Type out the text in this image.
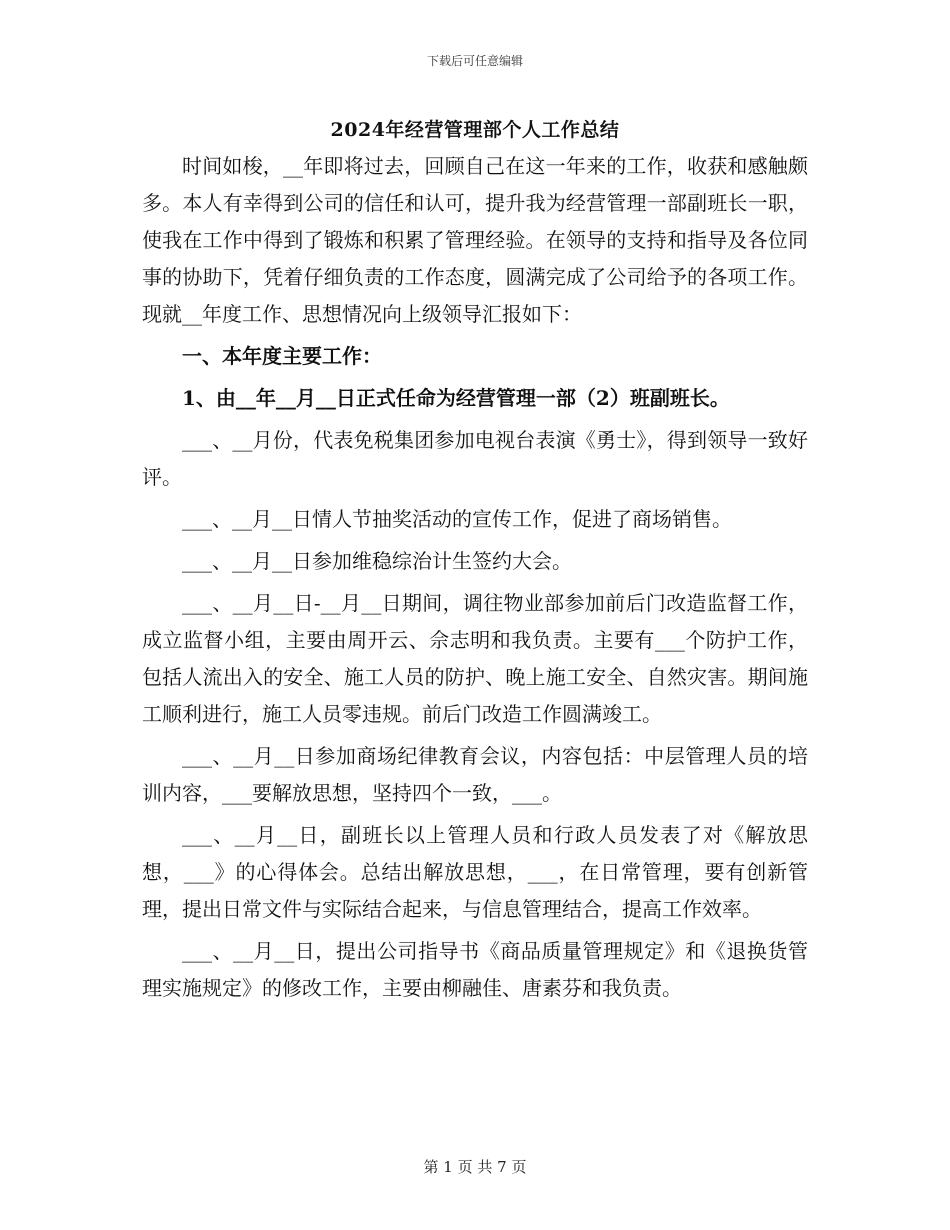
下载后可任意编辑
2024年经营管理部个人工作总结

时间如梭，__年即将过去，回顾自己在这一年来的工作，收获和感触颇多。本人有幸得到公司的信任和认可，提升我为经营管理一部副班长一职，使我在工作中得到了锻炼和积累了管理经验。在领导的支持和指导及各位同事的协助下，凭着仔细负责的工作态度，圆满完成了公司给予的各项工作。现就__年度工作、思想情况向上级领导汇报如下：

一、本年度主要工作：

1、由__年__月__日正式任命为经营管理一部（2）班副班长。

___、__月份，代表免税集团参加电视台表演《勇士》，得到领导一致好评。

___、__月__日情人节抽奖活动的宣传工作，促进了商场销售。

___、__月__日参加维稳综治计生签约大会。

___、__月__日-__月__日期间，调往物业部参加前后门改造监督工作，成立监督小组，主要由周开云、佘志明和我负责。主要有___个防护工作，包括人流出入的安全、施工人员的防护、晚上施工安全、自然灾害。期间施工顺利进行，施工人员零违规。前后门改造工作圆满竣工。

___、__月__日参加商场纪律教育会议，内容包括：中层管理人员的培训内容，___要解放思想，坚持四个一致，___。

___、__月__日，副班长以上管理人员和行政人员发表了对《解放思想，___》的心得体会。总结出解放思想，___，在日常管理，要有创新管理，提出日常文件与实际结合起来，与信息管理结合，提高工作效率。

___、__月__日，提出公司指导书《商品质量管理规定》和《退换货管理实施规定》的修改工作，主要由柳融佳、唐素芬和我负责。

第 1 页 共 7 页
